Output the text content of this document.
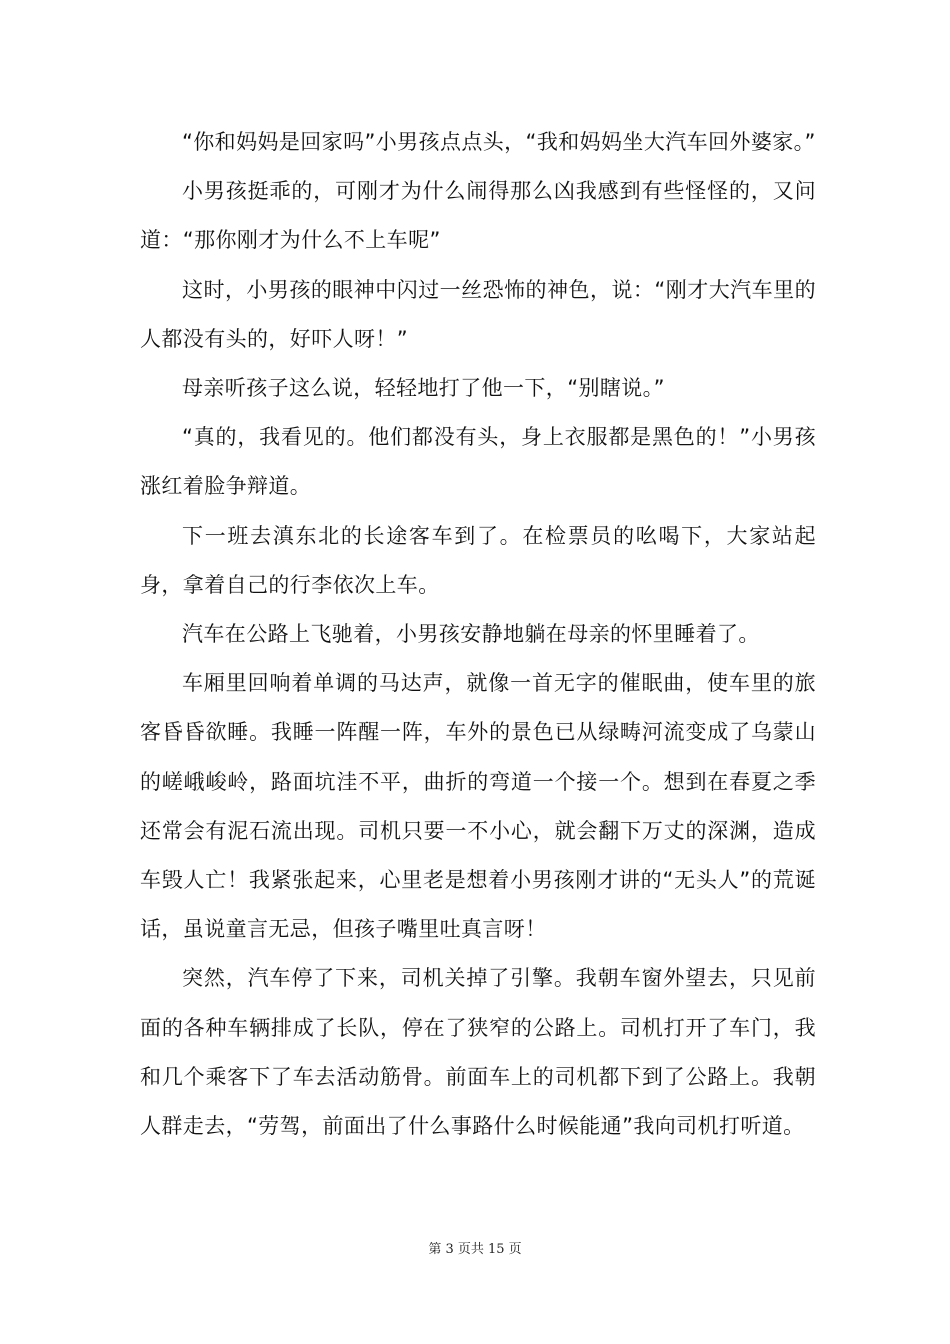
“你和妈妈是回家吗”小男孩点点头，“我和妈妈坐大汽车回外婆家。”

小男孩挺乖的，可刚才为什么闹得那么凶我感到有些怪怪的，又问道：“那你刚才为什么不上车呢”

这时，小男孩的眼神中闪过一丝恐怖的神色，说：“刚才大汽车里的人都没有头的，好吓人呀！”

母亲听孩子这么说，轻轻地打了他一下，“别瞎说。”

“真的，我看见的。他们都没有头，身上衣服都是黑色的！”小男孩涨红着脸争辩道。

下一班去滇东北的长途客车到了。在检票员的吆喝下，大家站起身，拿着自己的行李依次上车。

汽车在公路上飞驰着，小男孩安静地躺在母亲的怀里睡着了。

车厢里回响着单调的马达声，就像一首无字的催眠曲，使车里的旅客昏昏欲睡。我睡一阵醒一阵，车外的景色已从绿畴河流变成了乌蒙山的嵯峨峻岭，路面坑洼不平，曲折的弯道一个接一个。想到在春夏之季还常会有泥石流出现。司机只要一不小心，就会翻下万丈的深渊，造成车毁人亡！我紧张起来，心里老是想着小男孩刚才讲的“无头人”的荒诞话，虽说童言无忌，但孩子嘴里吐真言呀！

突然，汽车停了下来，司机关掉了引擎。我朝车窗外望去，只见前面的各种车辆排成了长队，停在了狭窄的公路上。司机打开了车门，我和几个乘客下了车去活动筋骨。前面车上的司机都下到了公路上。我朝人群走去，“劳驾，前面出了什么事路什么时候能通”我向司机打听道。

第 3 页共 15 页
